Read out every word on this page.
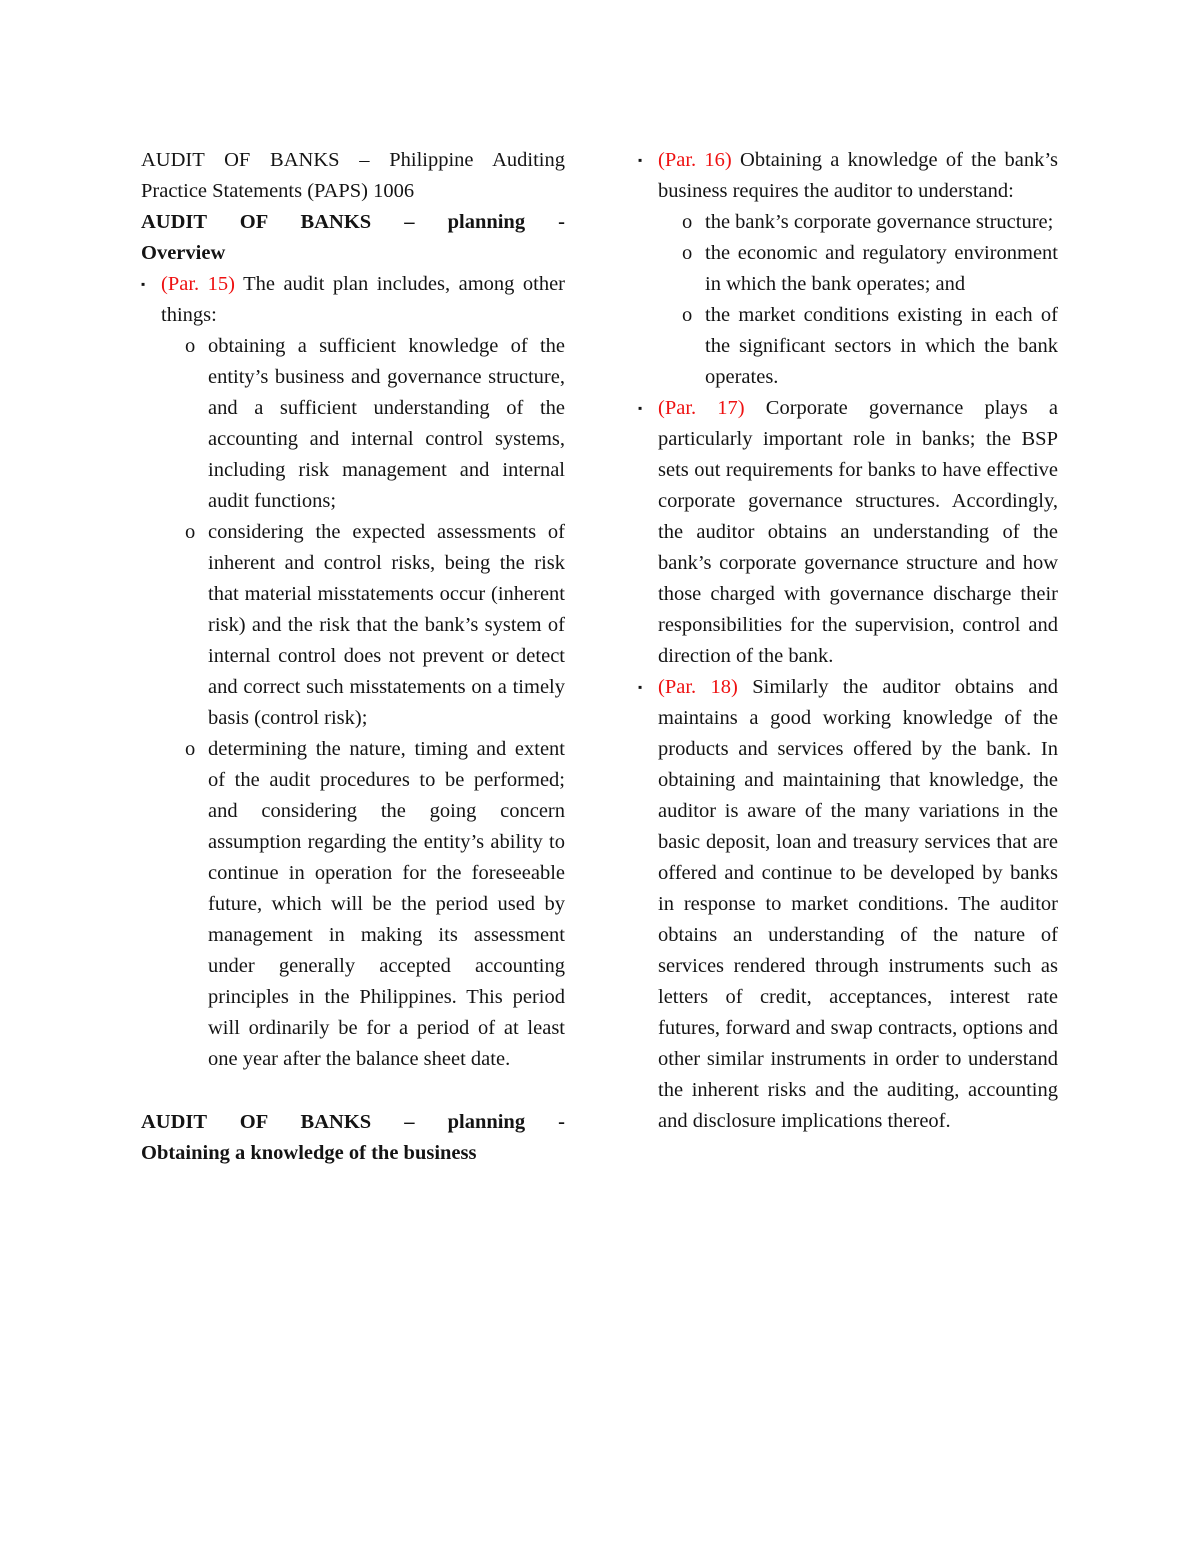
AUDIT OF BANKS – Philippine Auditing
Practice Statements (PAPS) 1006
AUDIT OF BANKS – planning -
Overview
▪ (Par. 15) The audit plan includes, among other things:
o obtaining a sufficient knowledge of the entity’s business and governance structure, and a sufficient understanding of the accounting and internal control systems, including risk management and internal audit functions;
o considering the expected assessments of inherent and control risks, being the risk that material misstatements occur (inherent risk) and the risk that the bank’s system of internal control does not prevent or detect and correct such misstatements on a timely basis (control risk);
o determining the nature, timing and extent of the audit procedures to be performed; and considering the going concern assumption regarding the entity’s ability to continue in operation for the foreseeable future, which will be the period used by management in making its assessment under generally accepted accounting principles in the Philippines. This period will ordinarily be for a period of at least one year after the balance sheet date.
AUDIT OF BANKS – planning -
Obtaining a knowledge of the business
▪ (Par. 16) Obtaining a knowledge of the bank’s business requires the auditor to understand:
o the bank’s corporate governance structure;
o the economic and regulatory environment in which the bank operates; and
o the market conditions existing in each of the significant sectors in which the bank operates.
▪ (Par. 17) Corporate governance plays a particularly important role in banks; the BSP sets out requirements for banks to have effective corporate governance structures. Accordingly, the auditor obtains an understanding of the bank’s corporate governance structure and how those charged with governance discharge their responsibilities for the supervision, control and direction of the bank.
▪ (Par. 18) Similarly the auditor obtains and maintains a good working knowledge of the products and services offered by the bank. In obtaining and maintaining that knowledge, the auditor is aware of the many variations in the basic deposit, loan and treasury services that are offered and continue to be developed by banks in response to market conditions. The auditor obtains an understanding of the nature of services rendered through instruments such as letters of credit, acceptances, interest rate futures, forward and swap contracts, options and other similar instruments in order to understand the inherent risks and the auditing, accounting and disclosure implications thereof.
